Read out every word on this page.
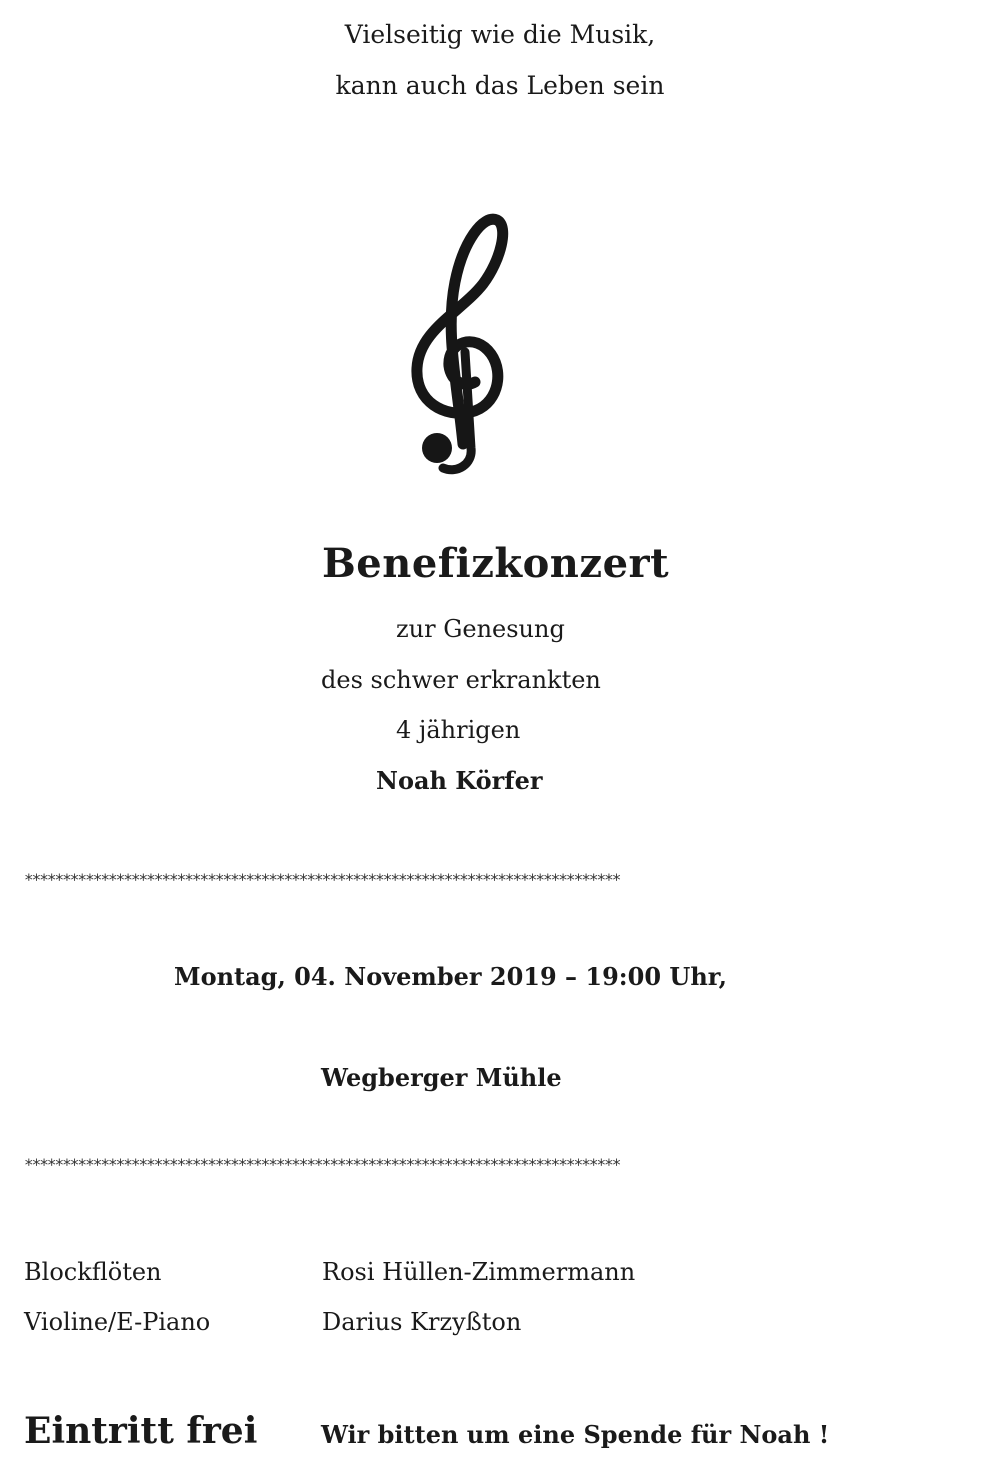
Vielseitig wie die Musik,
kann auch das Leben sein
Benefizkonzert
zur Genesung
des schwer erkrankten
4 jährigen
Noah Körfer
******************************************************************************
Montag, 04. November 2019 – 19:00 Uhr,
Wegberger Mühle
******************************************************************************
Blockflöten	Rosi Hüllen-Zimmermann
Violine/E-Piano	Darius Krzyßton
Eintritt frei	Wir bitten um eine Spende für Noah !
